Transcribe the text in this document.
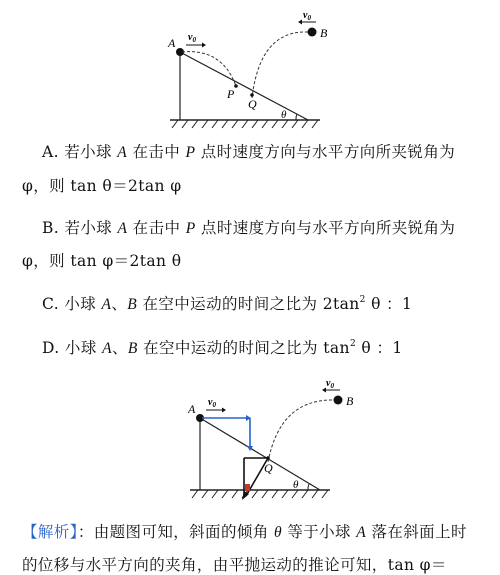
A $v_0$	B
$v_0$
P
Q
θ
A. 若小球 A 在击中 P 点时速度方向与水平方向所夹锐角为
φ，则 tan θ＝2tan φ
B. 若小球 A 在击中 P 点时速度方向与水平方向所夹锐角为
φ，则 tan φ＝2tan θ
C. 小球 A、B 在空中运动的时间之比为 $2\tan^2$ θ ：1
D. 小球 A、B 在空中运动的时间之比为 $\tan^2 \theta$ ：1
A $v_0$	B
$v_0$
Q
θ
【解析】：由题图可知，斜面的倾角 θ 等于小球 A 落在斜面上时
的位移与水平方向的夹角，由平抛运动的推论可知，tan φ＝
